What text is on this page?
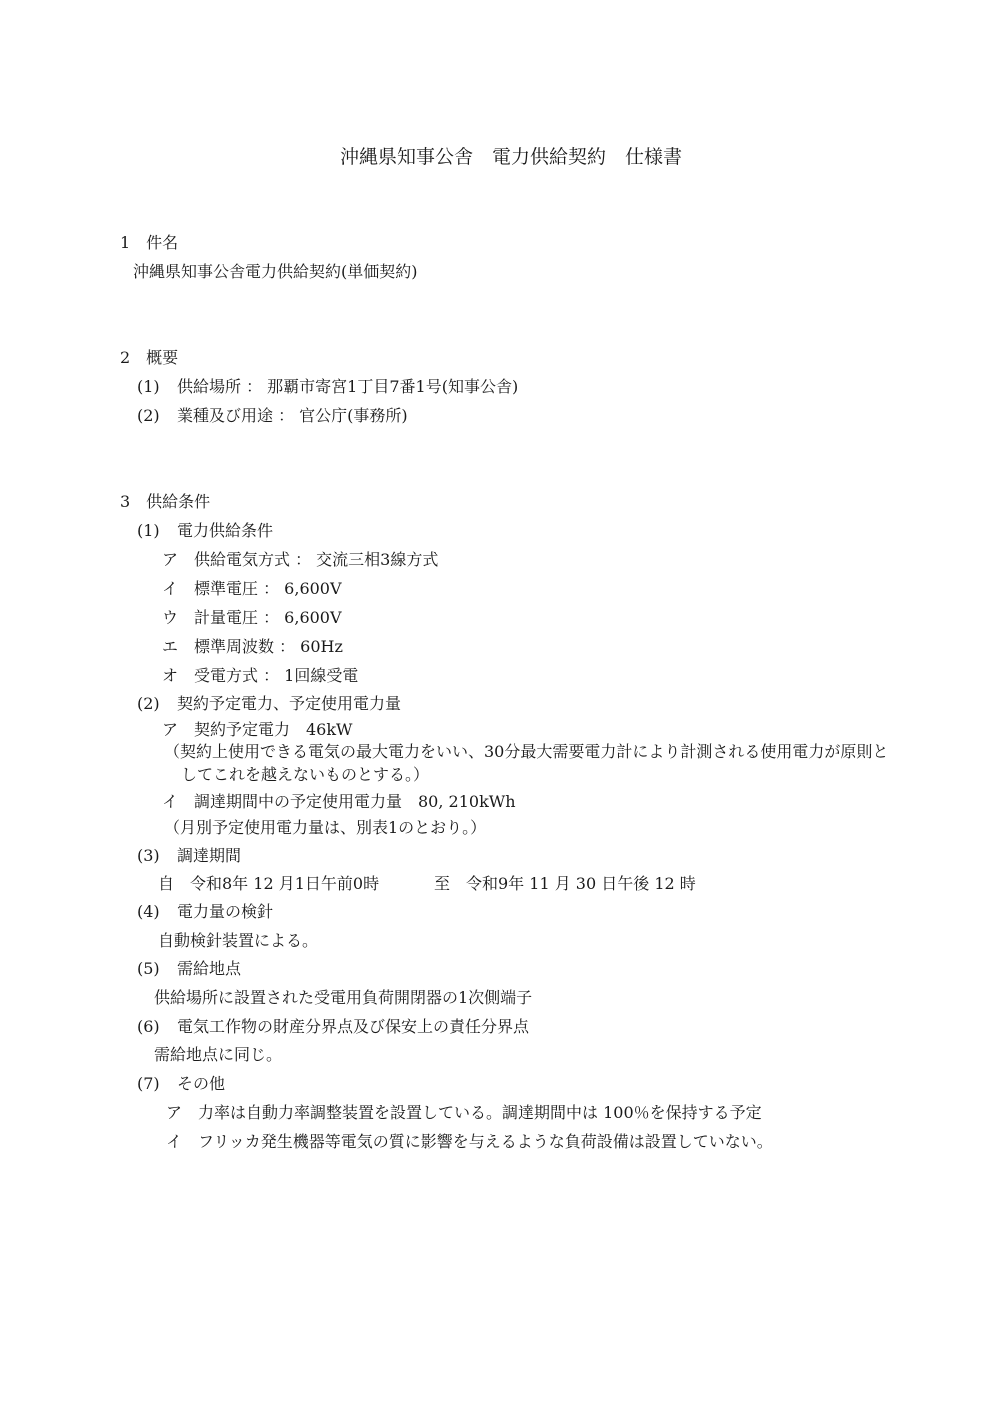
沖縄県知事公舎　電力供給契約　仕様書
1　件名
沖縄県知事公舎電力供給契約(単価契約)
2　概要
(1) 供給場所 ： 那覇市寄宮1丁目7番1号(知事公舎)
(2) 業種及び用途 ： 官公庁(事務所)
3　供給条件
(1) 電力供給条件
ア　供給電気方式 ： 交流三相3線方式
イ　標準電圧 ： 6,600V
ウ　計量電圧 ： 6,600V
エ　標準周波数 ： 60Hz
オ　受電方式 ： 1回線受電
(2) 契約予定電力、予定使用電力量
ア　契約予定電力　46kW
（契約上使用できる電気の最大電力をいい、30分最大需要電力計により計測される使用電力が原則と
してこれを越えないものとする。）
イ　調達期間中の予定使用電力量　80, 210kWh
（月別予定使用電力量は、別表1のとおり。）
(3) 調達期間
自　令和8年 12 月1日午前0時	至　令和9年 11 月 30 日午後 12 時
(4) 電力量の検針
自動検針装置による。
(5) 需給地点
供給場所に設置された受電用負荷開閉器の1次側端子
(6) 電気工作物の財産分界点及び保安上の責任分界点
需給地点に同じ。
(7) その他
ア　力率は自動力率調整装置を設置している。調達期間中は 100％を保持する予定
イ　フリッカ発生機器等電気の質に影響を与えるような負荷設備は設置していない。
